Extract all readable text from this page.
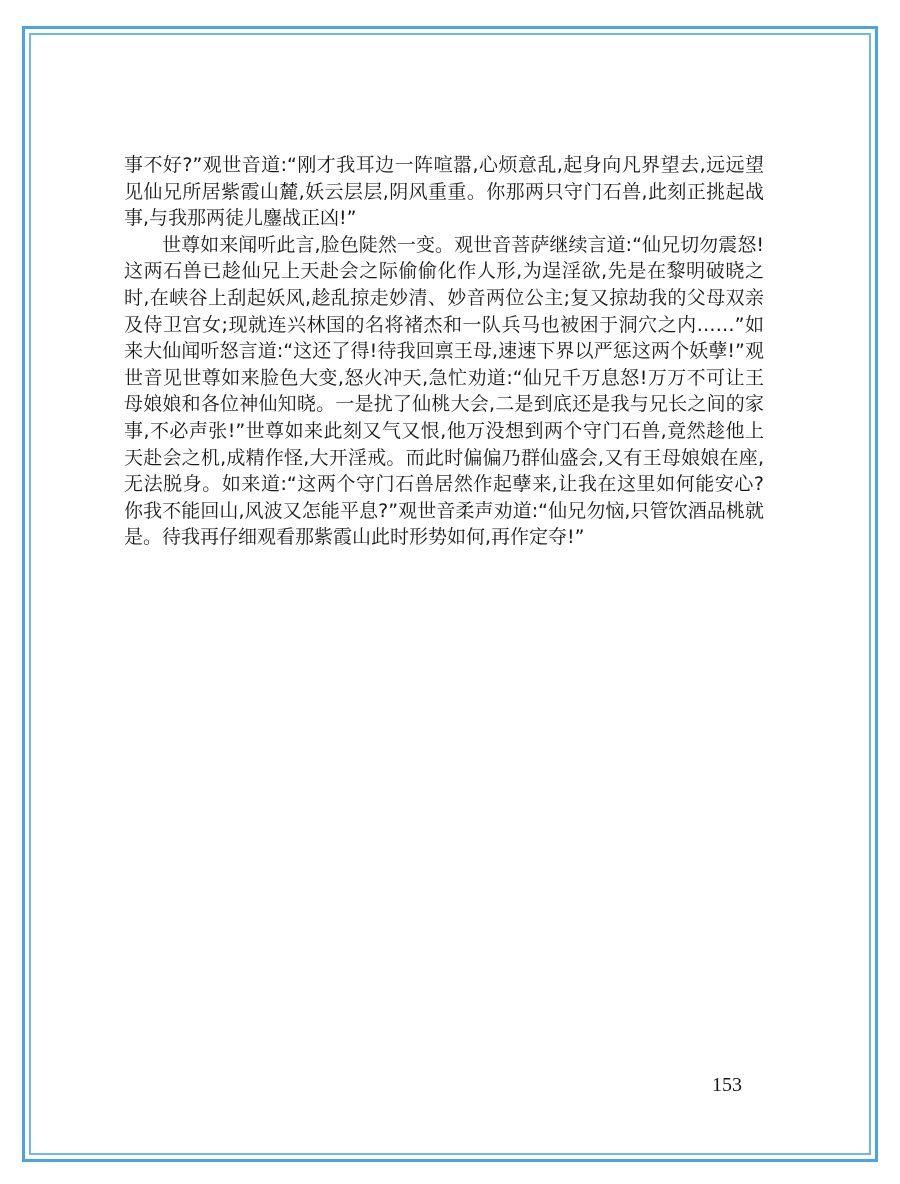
事不好?”观世音道:“刚才我耳边一阵喧嚣,心烦意乱,起身向凡界望去,远远望见仙兄所居紫霞山麓,妖云层层,阴风重重。你那两只守门石兽,此刻正挑起战事,与我那两徒儿鏖战正凶!”

世尊如来闻听此言,脸色陡然一变。观世音菩萨继续言道:“仙兄切勿震怒!这两石兽已趁仙兄上天赴会之际偷偷化作人形,为逞淫欲,先是在黎明破晓之时,在峡谷上刮起妖风,趁乱掠走妙清、妙音两位公主;复又掠劫我的父母双亲及侍卫宫女;现就连兴林国的名将褚杰和一队兵马也被困于洞穴之内……”如来大仙闻听怒言道:“这还了得!待我回禀王母,速速下界以严惩这两个妖孽!”观世音见世尊如来脸色大变,怒火冲天,急忙劝道:“仙兄千万息怒!万万不可让王母娘娘和各位神仙知晓。一是扰了仙桃大会,二是到底还是我与兄长之间的家事,不必声张!”世尊如来此刻又气又恨,他万没想到两个守门石兽,竟然趁他上天赴会之机,成精作怪,大开淫戒。而此时偏偏乃群仙盛会,又有王母娘娘在座,无法脱身。如来道:“这两个守门石兽居然作起孽来,让我在这里如何能安心?你我不能回山,风波又怎能平息?”观世音柔声劝道:“仙兄勿恼,只管饮酒品桃就是。待我再仔细观看那紫霞山此时形势如何,再作定夺!”

153
